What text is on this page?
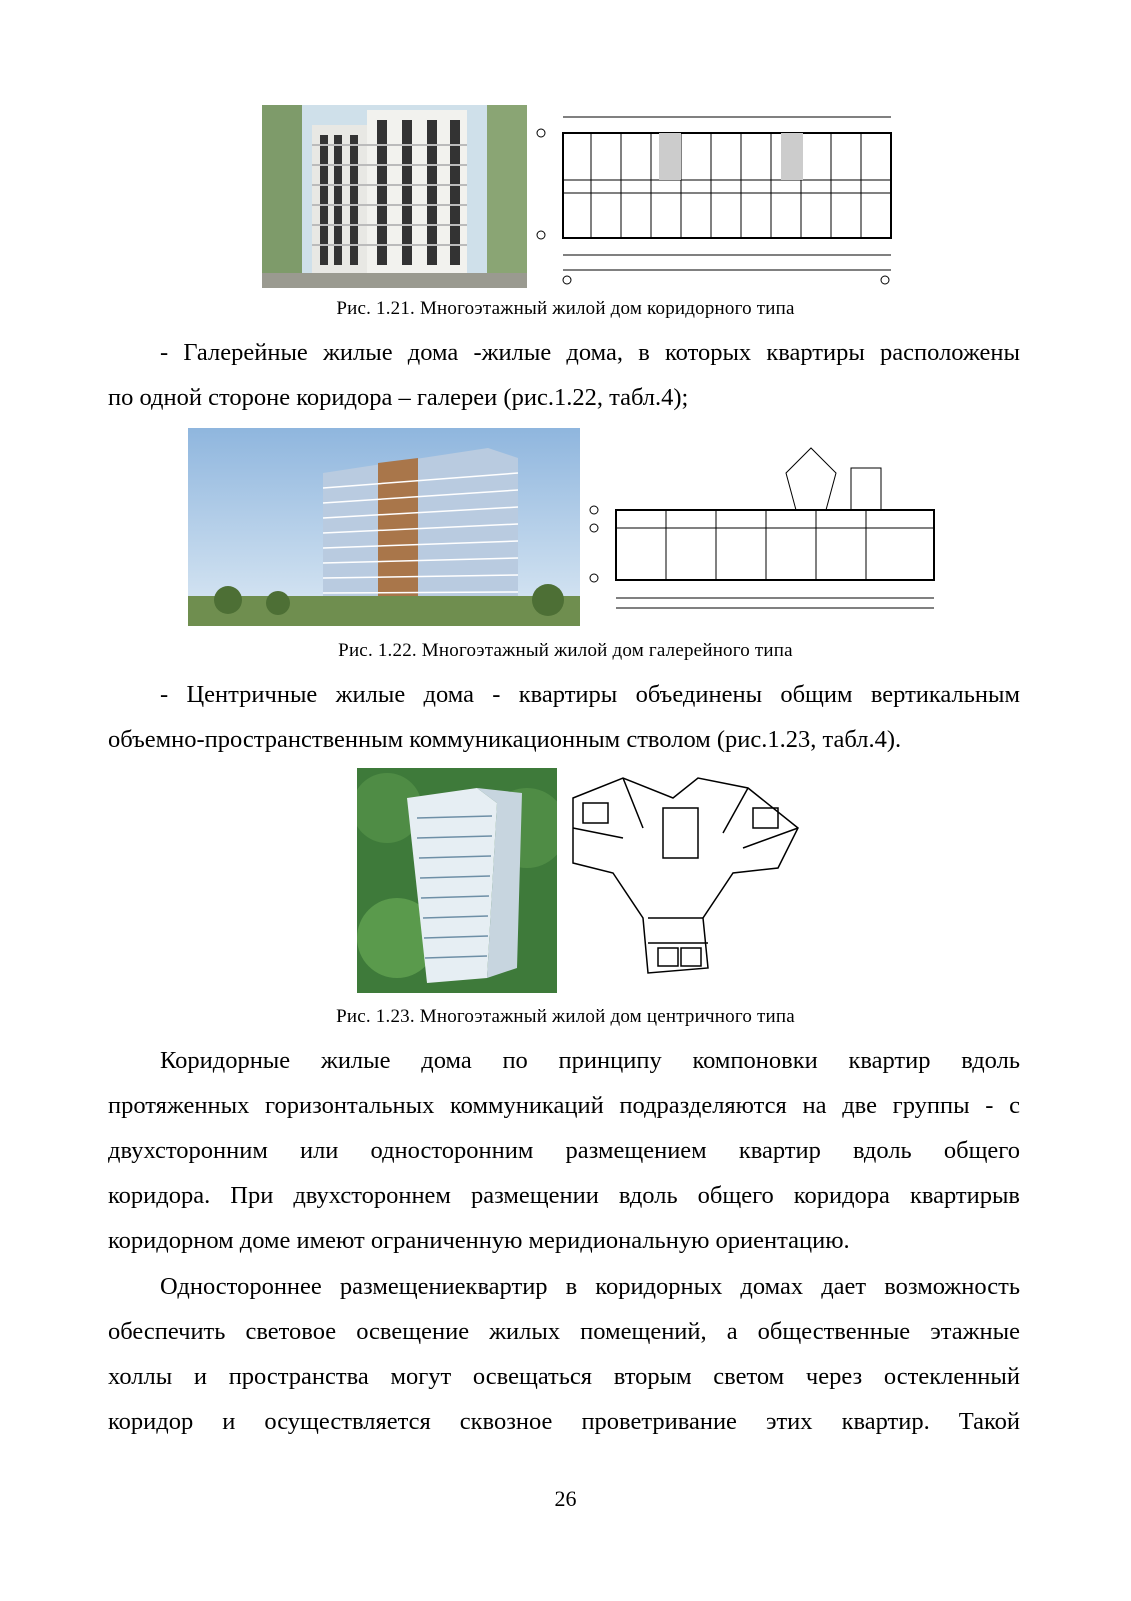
Рис. 1.21. Многоэтажный жилой дом коридорного типа
- Галерейные жилые дома -жилые дома, в которых квартиры расположены
по одной стороне коридора – галереи (рис.1.22, табл.4);
Рис. 1.22. Многоэтажный жилой дом галерейного типа
- Центричные жилые дома - квартиры объединены общим вертикальным
объемно-пространственным коммуникационным стволом (рис.1.23, табл.4).
Рис. 1.23. Многоэтажный жилой дом центричного типа
Коридорные жилые дома по принципу компоновки квартир вдоль
протяженных горизонтальных коммуникаций подразделяются на две группы - с
двухсторонним или односторонним размещением квартир вдоль общего
коридора. При двухстороннем размещении вдоль общего коридора квартирыв
коридорном доме имеют ограниченную меридиональную ориентацию.
Одностороннее размещениеквартир в коридорных домах дает возможность
обеспечить световое освещение жилых помещений, а общественные этажные
холлы и пространства могут освещаться вторым светом через остекленный
коридор и осуществляется сквозное проветривание этих квартир. Такой
26
